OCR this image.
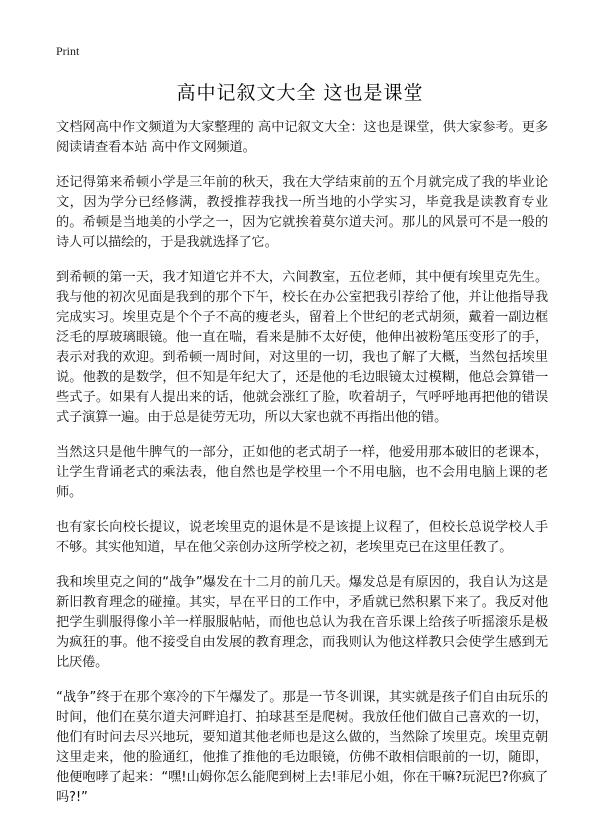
Print
高中记叙文大全 这也是课堂

文档网高中作文频道为大家整理的 高中记叙文大全：这也是课堂，供大家参考。更多阅读请查看本站 高中作文网频道。

还记得第来希顿小学是三年前的秋天，我在大学结束前的五个月就完成了我的毕业论文，因为学分已经修满，教授推荐我找一所当地的小学实习，毕竟我是读教育专业的。希顿是当地美的小学之一，因为它就挨着莫尔道夫河。那儿的风景可不是一般的诗人可以描绘的，于是我就选择了它。

到希顿的第一天，我才知道它并不大，六间教室，五位老师，其中便有埃里克先生。我与他的初次见面是我到的那个下午，校长在办公室把我引荐给了他，并让他指导我完成实习。埃里克是个个子不高的瘦老头，留着上个世纪的老式胡须，戴着一副边框泛毛的厚玻璃眼镜。他一直在喘，看来是肺不太好使，他伸出被粉笔压变形了的手，表示对我的欢迎。到希顿一周时间，对这里的一切，我也了解了大概，当然包括埃里说。他教的是数学，但不知是年纪大了，还是他的毛边眼镜太过模糊，他总会算错一些式子。如果有人提出来的话，他就会涨红了脸，吹着胡子，气呼呼地再把他的错误式子演算一遍。由于总是徒劳无功，所以大家也就不再指出他的错。

当然这只是他牛脾气的一部分，正如他的老式胡子一样，他爱用那本破旧的老课本，让学生背诵老式的乘法表，他自然也是学校里一个不用电脑，也不会用电脑上课的老师。

也有家长向校长提议，说老埃里克的退休是不是该提上议程了，但校长总说学校人手不够。其实他知道，早在他父亲创办这所学校之初，老埃里克已在这里任教了。

我和埃里克之间的“战争”爆发在十二月的前几天。爆发总是有原因的，我自认为这是新旧教育理念的碰撞。其实，早在平日的工作中，矛盾就已然积累下来了。我反对他把学生驯服得像小羊一样服服帖帖，而他也总认为我在音乐课上给孩子听摇滚乐是极为疯狂的事。他不接受自由发展的教育理念，而我则认为他这样教只会使学生感到无比厌倦。

“战争”终于在那个寒冷的下午爆发了。那是一节冬训课，其实就是孩子们自由玩乐的时间，他们在莫尔道夫河畔追打、拍球甚至是爬树。我放任他们做自己喜欢的一切，他们有时问去尽兴地玩，要知道其他老师也是这么做的，当然除了埃里克。埃里克朝这里走来，他的脸通红，他推了推他的毛边眼镜，仿佛不敢相信眼前的一切，随即，他便咆哮了起来：“嘿!山姆你怎么能爬到树上去!菲尼小姐，你在干嘛?玩泥巴?你疯了吗?!”
